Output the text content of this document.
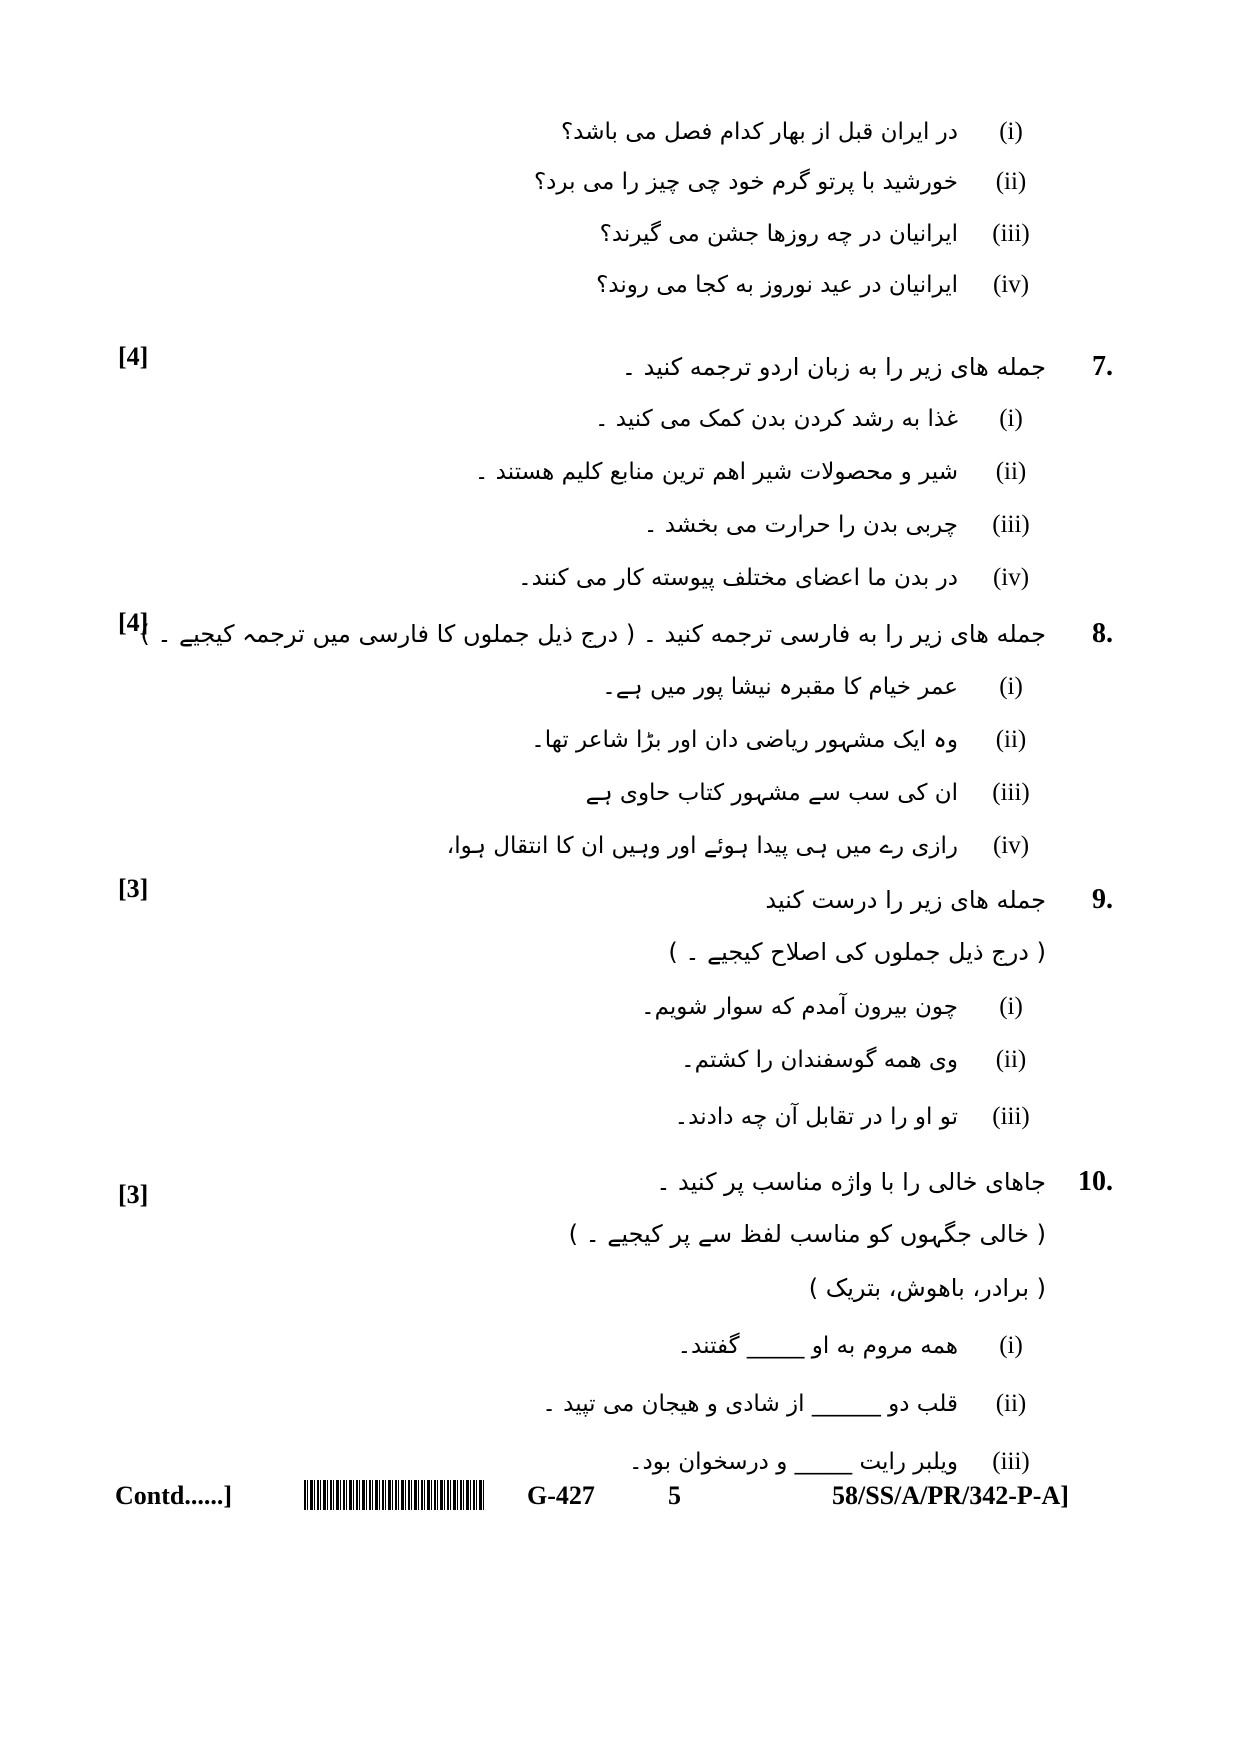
(i)
در ایران قبل از بهار کدام فصل می باشد؟
(ii)
خورشید با پرتو گرم خود چی چیز را می برد؟
(iii)
ایرانیان در چه روزها جشن می گیرند؟
(iv)
ایرانیان در عید نوروز به کجا می روند؟
[4]	7.
جمله های زیر را به زبان اردو ترجمه کنید ۔
(i)
غذا به رشد کردن بدن کمک می کنید ۔
(ii)
شیر و محصولات شیر اهم ترین منابع کلیم هستند ۔
(iii)
چربی بدن را حرارت می بخشد ۔
(iv)
در بدن ما اعضای مختلف پیوسته کار می کنند۔
[4]	8.
جمله های زیر را به فارسی ترجمه کنید ۔ ( درج ذیل جملوں کا فارسی میں ترجمہ کیجیے ۔ )
(i)
عمر خیام کا مقبرہ نیشا پور میں ہے۔
(ii)
وہ ایک مشہور ریاضی دان اور بڑا شاعر تھا۔
(iii)
ان کی سب سے مشہور کتاب حاوی ہے
(iv)
رازی رے میں ہی پیدا ہوئے اور وہیں ان کا انتقال ہوا،
[3]	9.
جمله های زیر را درست کنید
( درج ذیل جملوں کی اصلاح کیجیے ۔ )
(i)
چون بیرون آمدم که سوار شویم۔
(ii)
وی همه گوسفندان را کشتم۔
(iii)
تو او را در تقابل آن چه دادند۔
[3]	10.
جاهای خالی را با واژه مناسب پر کنید ۔
( خالی جگہوں کو مناسب لفظ سے پر کیجیے ۔ )
( برادر، باهوش، بتریک )
(i)
همه مروم به او _____ گفتند۔
(ii)
قلب دو ______ از شادی و هیجان می تپید ۔
(iii)
ویلبر رایت _____ و درسخوان بود۔
Contd......]	G-427	5	58/SS/A/PR/342-P-A]
